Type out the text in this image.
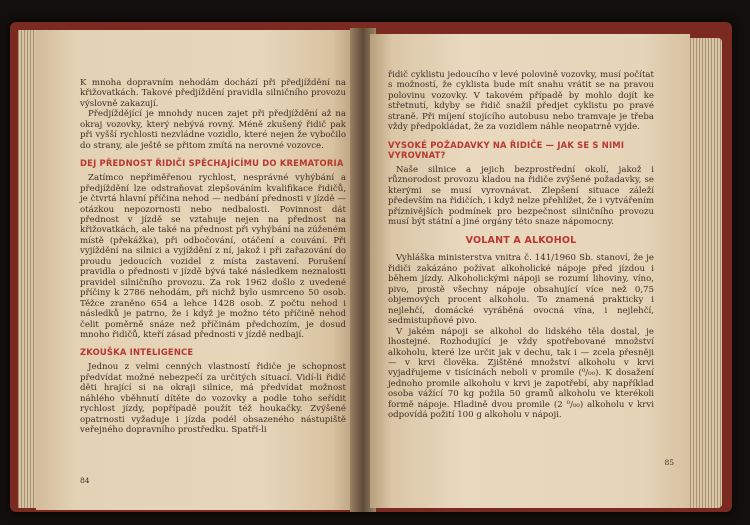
K mnoha dopravním nehodám dochází při předjíždění na křižovatkách. Takové předjíždění pravidla silničního provozu výslovně zakazují.

Předjíždějící je mnohdy nucen zajet při předjíždění až na okraj vozovky, který nebývá rovný. Méně zkušený řidič pak při vyšší rychlosti nezvládne vozidlo, které nejen že vybočilo do strany, ale ještě se přitom zmítá na nerovné vozovce.

DEJ PŘEDNOST ŘIDIČI SPĚCHAJÍCÍMU DO KREMATORIA

Zatímco nepřiměřenou rychlost, nesprávné vyhýbání a předjíždění lze odstraňovat zlepšováním kvalifikace řidičů, je čtvrtá hlavní příčina nehod — nedbání přednosti v jízdě — otázkou nepozornosti nebo nedbalosti. Povinnost dát přednost v jízdě se vztahuje nejen na přednost na křižovatkách, ale také na přednost při vyhýbání na zúženém místě (překážka), při odbočování, otáčení a couvání. Při vyjíždění na silnici a vyjíždění z ní, jakož i při zařazování do proudu jedoucích vozidel z místa zastavení. Porušení pravidla o přednosti v jízdě bývá také následkem neznalosti pravidel silničního provozu. Za rok 1962 došlo z uvedené příčiny k 2786 nehodám, při nichž bylo usmrceno 50 osob. Těžce zraněno 654 a lehce 1428 osob. Z počtu nehod i následků je patrno, že i když je možno této příčině nehod čelit poměrně snáze než příčinám předchozím, je dosud mnoho řidičů, kteří zásad přednosti v jízdě nedbají.

ZKOUŠKA INTELIGENCE

Jednou z velmi cenných vlastností řidiče je schopnost předvídat možné nebezpečí za určitých situací. Vidí-li řidič děti hrající si na okraji silnice, má předvídat možnost náhlého vběhnutí dítěte do vozovky a podle toho seřídit rychlost jízdy, popřípadě použít též houkačky. Zvýšené opatrnosti vyžaduje i jízda podél obsazeného nástupiště veřejného dopravního prostředku. Spatří-li

84

řidič cyklistu jedoucího v levé polovině vozovky, musí počítat s možností, že cyklista bude mít snahu vrátit se na pravou polovinu vozovky. V takovém případě by mohlo dojít ke střetnutí, kdyby se řidič snažil předjet cyklistu po pravé straně. Při míjení stojícího autobusu nebo tramvaje je třeba vždy předpokládat, že za vozidlem náhle neopatrně vyjde.

VYSOKÉ POŽADAVKY NA ŘIDIČE — JAK SE S NIMI VYROVNAT?

Naše silnice a jejich bezprostřední okolí, jakož i různorodost provozu kladou na řidiče zvýšené požadavky, se kterými se musí vyrovnávat. Zlepšení situace záleží především na řidičích, i když nelze přehlížet, že i vytvářením příznivějších podmínek pro bezpečnost silničního provozu musí být státní a jiné orgány této snaze nápomocny.

VOLANT A ALKOHOL

Vyhláška ministerstva vnitra č. 141/1960 Sb. stanoví, že je řidiči zakázáno požívat alkoholické nápoje před jízdou i během jízdy. Alkoholickými nápoji se rozumí lihoviny, víno, pivo, prostě všechny nápoje obsahující více než 0,75 objemových procent alkoholu. To znamená prakticky i nejlehčí, domácké vyráběná ovocná vína, i nejlehčí, sedmistupňové pivo.

V jakém nápoji se alkohol do lidského těla dostal, je lhostejné. Rozhodující je vždy spotřebované množství alkoholu, které lze určit jak v dechu, tak i — zcela přesněji — v krvi člověka. Zjištěné množství alkoholu v krvi vyjadřujeme v tisícinách neboli v promile (⁰/₀₀). K dosažení jednoho promile alkoholu v krvi je zapotřebí, aby například osoba vážící 70 kg požila 50 gramů alkoholu ve kterékoli formě nápoje. Hladině dvou promile (2 ⁰/₀₀) alkoholu v krvi odpovídá požití 100 g alkoholu v nápoji.

85
